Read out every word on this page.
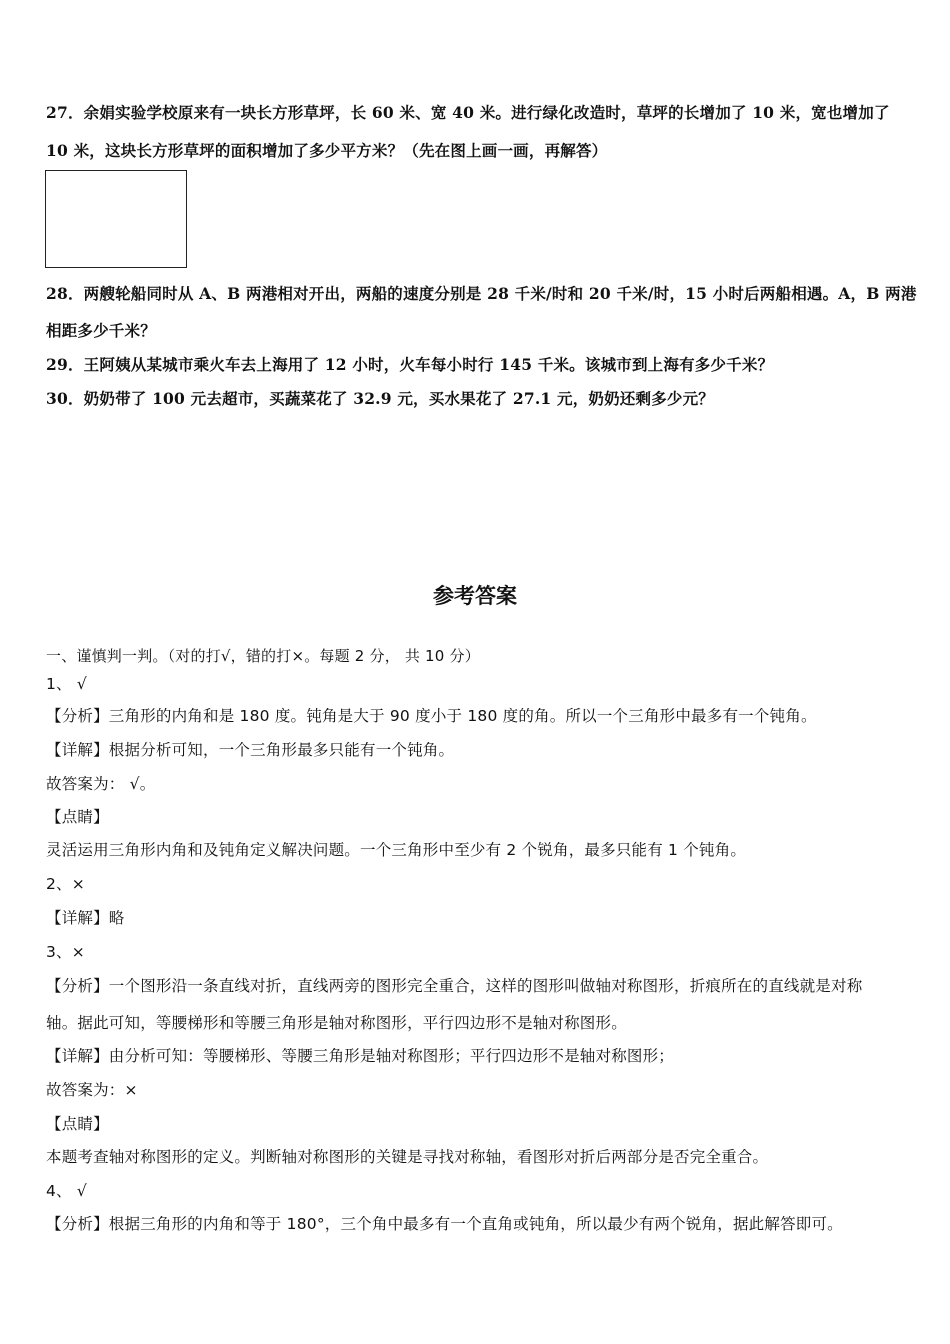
27．余娟实验学校原来有一块长方形草坪，长 60 米、宽 40 米。进行绿化改造时，草坪的长增加了 10 米，宽也增加了
10 米，这块长方形草坪的面积增加了多少平方米？（先在图上画一画，再解答）
28．两艘轮船同时从 A、B 两港相对开出，两船的速度分别是 28 千米/时和 20 千米/时，15 小时后两船相遇。A，B 两港
相距多少千米？
29．王阿姨从某城市乘火车去上海用了 12 小时，火车每小时行 145 千米。该城市到上海有多少千米？
30．奶奶带了 100 元去超市，买蔬菜花了 32.9 元，买水果花了 27.1 元，奶奶还剩多少元？
参考答案
一、谨慎判一判。（对的打√，错的打×。每题 2 分， 共 10 分）
1、 √
【分析】三角形的内角和是 180 度。钝角是大于 90 度小于 180 度的角。所以一个三角形中最多有一个钝角。
【详解】根据分析可知，一个三角形最多只能有一个钝角。
故答案为： √。
【点睛】
灵活运用三角形内角和及钝角定义解决问题。一个三角形中至少有 2 个锐角，最多只能有 1 个钝角。
2、×
【详解】略
3、×
【分析】一个图形沿一条直线对折，直线两旁的图形完全重合，这样的图形叫做轴对称图形，折痕所在的直线就是对称
轴。据此可知，等腰梯形和等腰三角形是轴对称图形，平行四边形不是轴对称图形。
【详解】由分析可知：等腰梯形、等腰三角形是轴对称图形；平行四边形不是轴对称图形；
故答案为：×
【点睛】
本题考查轴对称图形的定义。判断轴对称图形的关键是寻找对称轴，看图形对折后两部分是否完全重合。
4、 √
【分析】根据三角形的内角和等于 180°，三个角中最多有一个直角或钝角，所以最少有两个锐角，据此解答即可。
